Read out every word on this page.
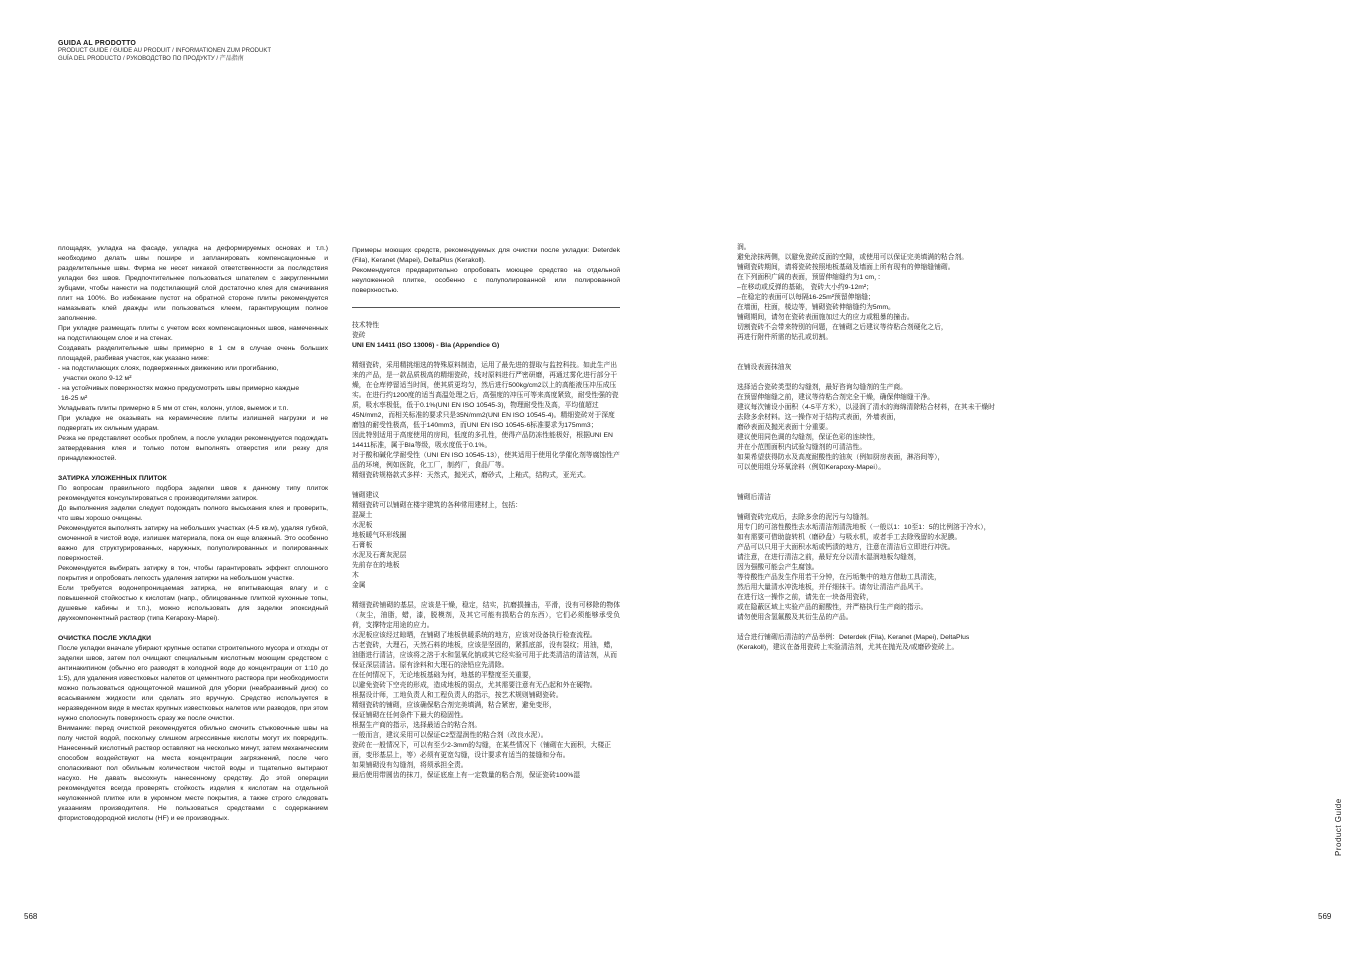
GUIDA AL PRODOTTO
PRODUCT GUIDE / GUIDE AU PRODUIT / INFORMATIONEN ZUM PRODUKT
GUÍA DEL PRODUCTO / РУКОВОДСТВО ПО ПРОДУКТУ / 产品指南

площадях, укладка на фасаде, укладка на деформируемых основах и т.п.) необходимо делать швы пошире и запланировать компенсационные и разделительные швы. Фирма не несет никакой ответственности за последствия укладки без швов. Предпочтительнее пользоваться шпателем с закругленными зубцами, чтобы нанести на подстилающий слой достаточно клея для смачивания плит на 100%. Во избежание пустот на обратной стороне плиты рекомендуется намазывать клей дважды или пользоваться клеем, гарантирующим полное заполнение.

При укладке размещать плиты с учетом всех компенсационных швов, намеченных на подстилающем слое и на стенах.

Создавать разделительные швы примерно в 1 см в случае очень больших площадей, разбивая участок, как указано ниже:

- на подстилающих слоях, подверженных движению или прогибанию,

участки около 9-12 м²

- на устойчивых поверхностях можно предусмотреть швы примерно каждые

16-25 м²

Укладывать плиты примерно в 5 мм от стен, колонн, углов, выемок и т.п.

При укладке не оказывать на керамические плиты излишней нагрузки и не подвергать их сильным ударам.

Резка не представляет особых проблем, а после укладки рекомендуется подождать затвердевания клея и только потом выполнять отверстия или резку для принадлежностей.

ЗАТИРКА УЛОЖЕННЫХ ПЛИТОК

По вопросам правильного подбора заделки швов к данному типу плиток рекомендуется консультироваться с производителями затирок.

До выполнения заделки следует подождать полного высыхания клея и проверить, что швы хорошо очищены.

Рекомендуется выполнять затирку на небольших участках (4-5 кв.м), удаляя губкой, смоченной в чистой воде, излишек материала, пока он еще влажный. Это особенно важно для структурированных, наружных, полуполированных и полированных поверхностей.

Рекомендуется выбирать затирку в тон, чтобы гарантировать эффект сплошного покрытия и опробовать легкость удаления затирки на небольшом участке.

Если требуется водонепроницаемая затирка, не впитывающая влагу и с повышенной стойкостью к кислотам (напр., облицованные плиткой кухонные топы, душевые кабины и т.п.), можно использовать для заделки эпоксидный двухкомпонентный раствор (типа Kerapoxy-Mapei).

ОЧИСТКА ПОСЛЕ УКЛАДКИ

После укладки вначале убирают крупные остатки строительного мусора и отходы от заделки швов, затем пол очищают специальным кислотным моющим средством с антинакипином (обычно его разводят в холодной воде до концентрации от 1:10 до 1:5), для удаления известковых налетов от цементного раствора при необходимости можно пользоваться однощеточной машиной для уборки (неабразивный диск) со всасыванием жидкости или сделать это вручную. Средство используется в неразведенном виде в местах крупных известковых налетов или разводов, при этом нужно сполоснуть поверхность сразу же после очистки.

Внимание: перед очисткой рекомендуется обильно смочить стыковочные швы на полу чистой водой, поскольку слишком агрессивные кислоты могут их повредить. Нанесенный кислотный раствор оставляют на несколько минут, затем механическим способом воздействуют на места концентрации загрязнений, после чего споласкивают пол обильным количеством чистой воды и тщательно вытирают насухо. Не давать высохнуть нанесенному средству. До этой операции рекомендуется всегда проверять стойкость изделия к кислотам на отдельной неуложенной плитке или в укромном месте покрытия, а также строго следовать указаниям производителя. Не пользоваться средствами с содержанием фтористоводородной кислоты (HF) и ее производных.

Примеры моющих средств, рекомендуемых для очистки после укладки: Deterdek (Fila), Keranet (Mapei), DeltaPlus (Kerakoll).

Рекомендуется предварительно опробовать моющее средство на отдельной неуложенной плитке, особенно с полуполированной или полированной поверхностью.

技术特性

瓷砖

UNI EN 14411 (ISO 13006) - BIa (Appendice G)

精细瓷砖，采用精挑细选的特殊原料制造，运用了最先进的提取与监控科技。如此生产出来的产品，是一款品质极高的精细瓷砖，线对原料进行严密研磨，再通过雾化进行部分干燥，在仓库停留适当时间，使其质更均匀，然后进行500kg/cm2以上的高能液压冲压成压实。在进行约1200度的适当高温处理之后，高强度的冲压可等来高度紧致，耐受性强的瓷质，吸水率极低，低于0.1%(UNI EN ISO 10545-3)，物理耐受性及高，平均值超过45N/mm2，而相关标准的要求只是35N/mm2(UNI EN ISO 10545-4)。精细瓷砖对于深度磨蚀的耐受性极高，低于140mm3，而UNI EN ISO 10545-6标准要求为175mm3；

因此特别适用于高度使用的房间，低度的多孔性，使得产品防冻性能极好，根据UNI EN 14411标准，属于BIa等级，吸水度低于0.1%。

对于酸和碱化学耐受性（UNI EN ISO 10545-13），使其适用于使用化学催化剂等腐蚀性产品的环境，例如医院，化工厂，制药厂，食品厂等。

精细瓷砖规格款式多样：天然式，抛光式，磨砂式，上釉式，结构式，亚光式。

铺砌建议

精细瓷砖可以铺砌在楼宇建筑的各种常用建材上，包括：

混凝土

水泥板

地板暖气环形线圈

石膏板

水泥及石膏灰泥层

先前存在的地板

木

金属

精细瓷砖铺砌的基层，应该是干燥，稳定，结实，抗磨损撞击，平滑，没有可移除的物体（灰尘，油脂，蜡，漆，脱模剂，及其它可能有损粘合的东西），它们必须能够承受负荷，支撑特定用途的应力。

水泥板应该经过晾晒，在铺砌了地板供暖系统的地方，应该对设备执行检查流程。

古老瓷砖，大理石，天然石料的地板，应该是坚固的，紧抓底部，没有裂纹；用油，蜡，油脂进行清洁，应该将之溶于水和氢氧化钠或其它经实验可用于此类清洁的清洁剂，从而保证深层清洁。原有涂料和大理石的涂铅应先清除。

在任何情况下，无论地板基础为何，地基的平整度至关重要，

以避免瓷砖下空壳的形成，造成地板的弱点，尤其需要注意有无凸起和外在硬物。

根据设计师，工地负责人和工程负责人的指示，按艺术规则铺砌瓷砖。

精细瓷砖的铺砌，应该确保粘合剂完美填满，粘合紧密，避免变形，

保证铺砌在任何条件下最大的稳固性。

根据生产商的指示，选择最适合的粘合剂。

一般而言，建议采用可以保证C2型湿润性的粘合剂（改良水泥）。

瓷砖在一般情况下，可以有至少2-3mm的勾缝，在某些情况下（铺砌在大面积，大楼正面，变形基层上，等）必须有更宽勾缝，设计要求有适当的接缝和分布。

如果铺砌没有勾缝剂，将须承担全责。

最后使用带圆齿的抹刀，保证底座上有一定数量的粘合剂，保证瓷砖100%湿

润。

避免涂抹两侧，以避免瓷砖反面的空隙，或使用可以保证完美填满的粘合剂。

铺砌瓷砖期间，请将瓷砖按照地板基础及墙面上所有现有的伸缩缝铺砌。

在下列面积广阔的表面，预留伸缩缝约为1 cm，：

–在移动或反弹的基础， 瓷砖大小约9-12m²；

–在稳定的表面可以每隔16-25m²预留伸缩缝；

在墙面，柱面，棱边等，铺砌瓷砖伸缩缝约为5mm。

铺砌期间，请勿在瓷砖表面施加过大的应力或粗暴的撞击。

切割瓷砖不会带来特别的问题，在铺砌之后建议等待粘合剂硬化之后，

再进行附件所需的钻孔或切割。

在铺设表面抹油灰

选择适合瓷砖类型的勾缝剂，最好咨询勾缝剂的生产商。

在预留伸缩缝之前，建议等待粘合剂完全干燥，确保伸缩缝干净。

建议每次铺设小面积（4-5平方米），以浸润了清水的海绵清除粘合材料，在其未干燥时去除多余材料。这一操作对于结构式表面，外墙表面，

磨砂表面及抛光表面十分重要。

建议使用同色调的勾缝剂，保证色彩的连续性，

并在小范围面积内试验勾缝剂的可清洁性。

如果希望获得防水及高度耐酸性的油灰（例如厨房表面，淋浴间等），

可以使用组分环氧涂料（例如Kerapoxy-Mapei）。

铺砌后清洁

铺砌瓷砖完成后，去除多余的泥污与勾缝剂。

用专门的可溶性酸性去水垢清洁剂清洗地板（一般以1：10至1：5的比例溶于冷水），

如有需要可借助旋转机（磨砂盘）与吸水机，或者手工去除残留的水泥膜。

产品可以只用于大面积水垢或钙渍的地方，注意在清洁后立即进行冲洗。

请注意，在进行清洁之前，最好充分以清水湿润地板勾缝剂，

因为强酸可能会产生腐蚀。

等待酸性产品发生作用若干分钟，在污垢集中的地方借助工具清洗，

然后用大量清水冲洗地板，并仔细抹干。请勿让清洁产品风干。

在进行这一操作之前，请先在一块备用瓷砖，

或在隐蔽区域上实验产品的耐酸性，并严格执行生产商的指示。

请勿使用含氢氟酸及其衍生品的产品。

适合进行铺砌后清洁的产品举例：Deterdek (Fila), Keranet (Mapei), DeltaPlus (Kerakoll)，建议在备用瓷砖上实验清洁剂，尤其在抛光及/或磨砂瓷砖上。

568	569
Product Guide
